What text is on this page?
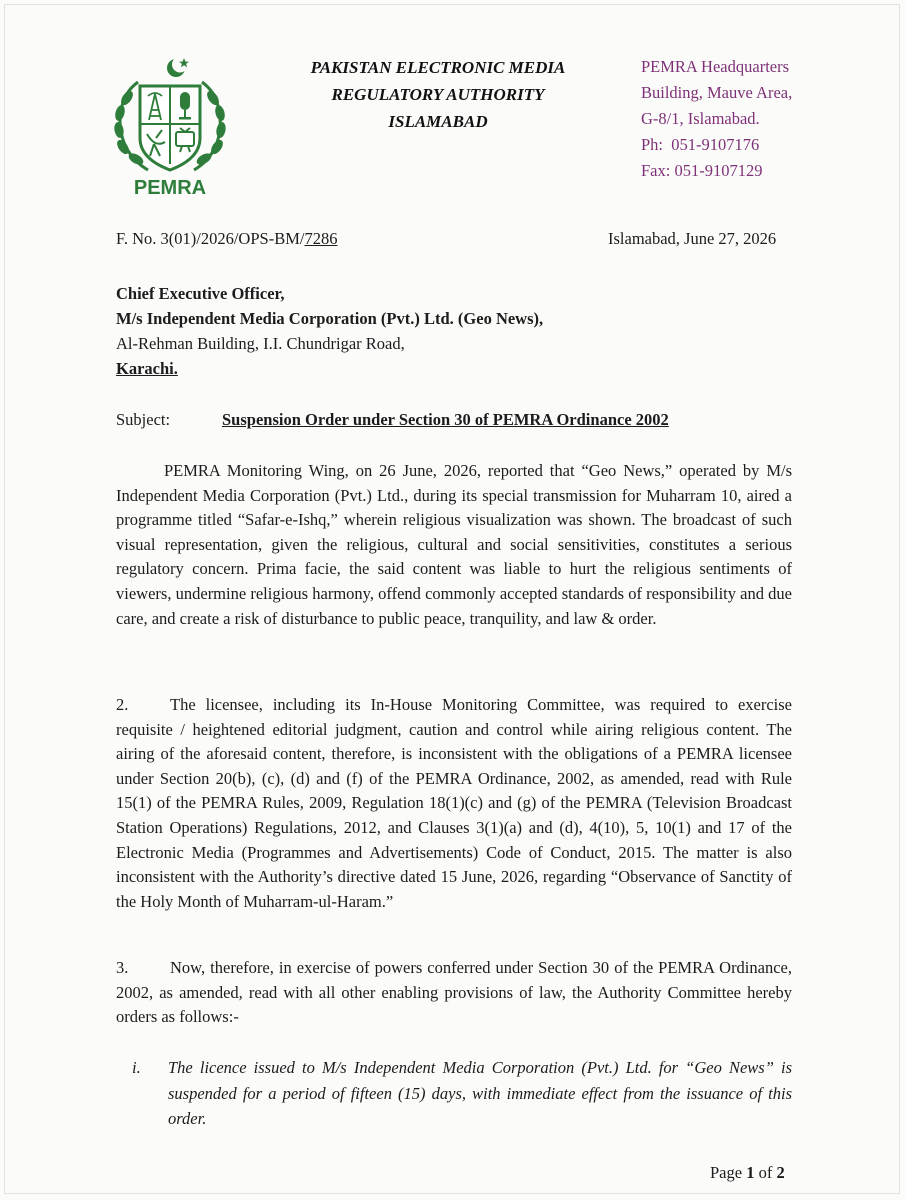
PEMRA
PAKISTAN ELECTRONIC MEDIA
REGULATORY AUTHORITY
ISLAMABAD
PEMRA Headquarters
Building, Mauve Area,
G-8/1, Islamabad.
Ph:  051-9107176
Fax: 051-9107129
F. No. 3(01)/2026/OPS-BM/7286	Islamabad, June 27, 2026
Chief Executive Officer,
M/s Independent Media Corporation (Pvt.) Ltd. (Geo News),
Al-Rehman Building, I.I. Chundrigar Road,
Karachi.
Subject:	Suspension Order under Section 30 of PEMRA Ordinance 2002

PEMRA Monitoring Wing, on 26 June, 2026, reported that “Geo News,” operated by M/s Independent Media Corporation (Pvt.) Ltd., during its special transmission for Muharram 10, aired a programme titled “Safar-e-Ishq,” wherein religious visualization was shown. The broadcast of such visual representation, given the religious, cultural and social sensitivities, constitutes a serious regulatory concern. Prima facie, the said content was liable to hurt the religious sentiments of viewers, undermine religious harmony, offend commonly accepted standards of responsibility and due care, and create a risk of disturbance to public peace, tranquility, and law & order.

2.	The licensee, including its In-House Monitoring Committee, was required to exercise requisite / heightened editorial judgment, caution and control while airing religious content. The airing of the aforesaid content, therefore, is inconsistent with the obligations of a PEMRA licensee under Section 20(b), (c), (d) and (f) of the PEMRA Ordinance, 2002, as amended, read with Rule 15(1) of the PEMRA Rules, 2009, Regulation 18(1)(c) and (g) of the PEMRA (Television Broadcast Station Operations) Regulations, 2012, and Clauses 3(1)(a) and (d), 4(10), 5, 10(1) and 17 of the Electronic Media (Programmes and Advertisements) Code of Conduct, 2015. The matter is also inconsistent with the Authority’s directive dated 15 June, 2026, regarding “Observance of Sanctity of the Holy Month of Muharram-ul-Haram.”

3.	Now, therefore, in exercise of powers conferred under Section 30 of the PEMRA Ordinance, 2002, as amended, read with all other enabling provisions of law, the Authority Committee hereby orders as follows:-

i. The licence issued to M/s Independent Media Corporation (Pvt.) Ltd. for “Geo News” is suspended for a period of fifteen (15) days, with immediate effect from the issuance of this order.
Page 1 of 2
